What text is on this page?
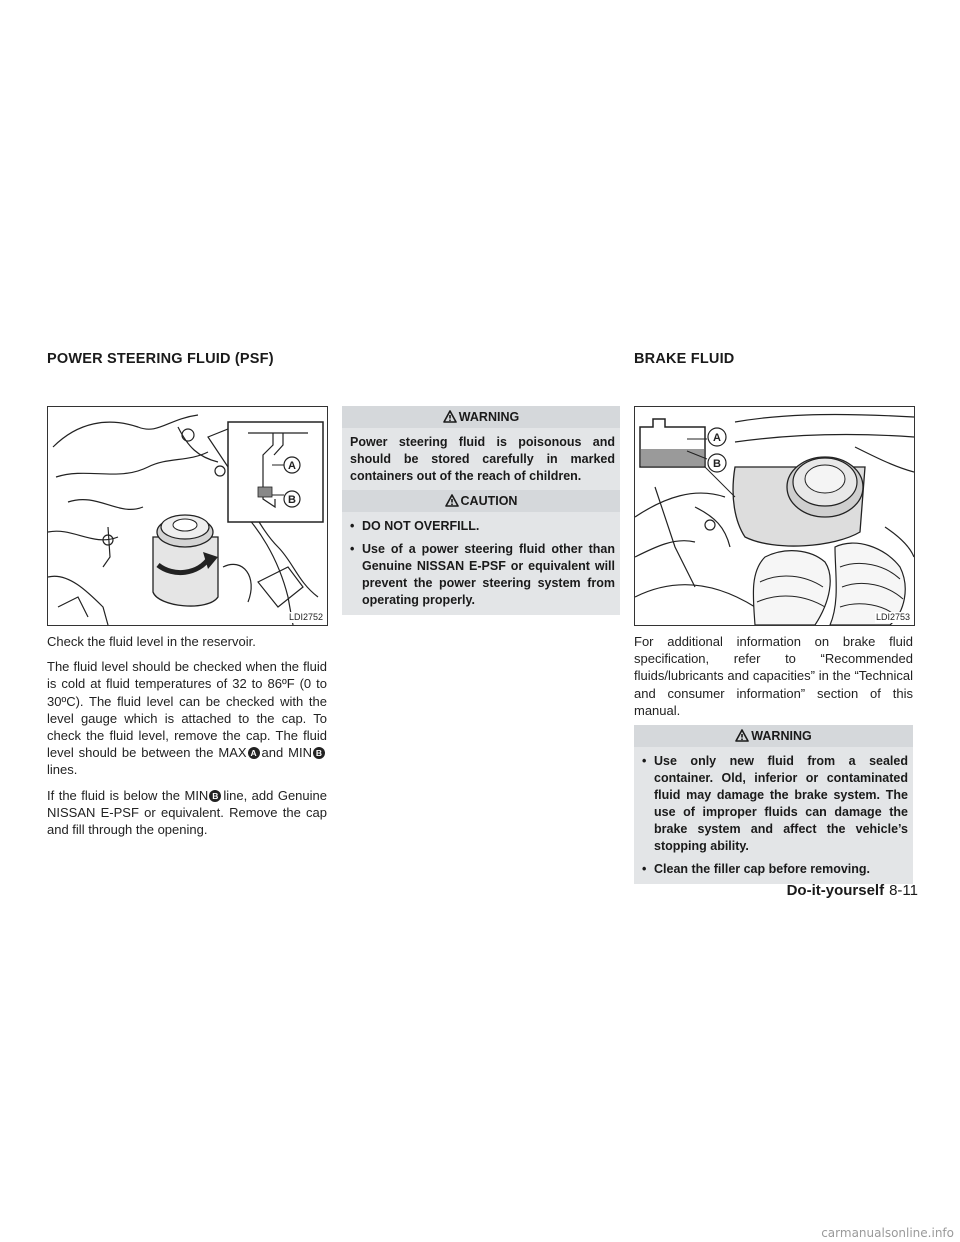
POWER STEERING FLUID (PSF)	BRAKE FLUID
A
B
LDI2752

Check the fluid level in the reservoir.

The fluid level should be checked when the fluid is cold at fluid temperatures of 32 to 86ºF (0 to 30ºC). The fluid level can be checked with the level gauge which is attached to the cap. To check the fluid level, remove the cap. The fluid level should be between the MAX A and MIN Blines.

If the fluid is below the MIN B line, add Genuine NISSAN E-PSF or equivalent. Remove the cap and fill through the opening.

WARNING
Power steering fluid is poisonous and should be stored carefully in marked containers out of the reach of children.
CAUTION
• DO NOT OVERFILL.
• Use of a power steering fluid other than Genuine NISSAN E-PSF or equivalent will prevent the power steering system from operating properly.
A
B
LDI2753

For additional information on brake fluid specification, refer to “Recommended fluids/lubricants and capacities” in the “Technical and consumer information” section of this manual.

WARNING
• Use only new fluid from a sealed container. Old, inferior or contaminated fluid may damage the brake system. The use of improper fluids can damage the brake system and affect the vehicle’s stopping ability.
• Clean the filler cap before removing.
Do-it-yourself 8-11
carmanualsonline.info
